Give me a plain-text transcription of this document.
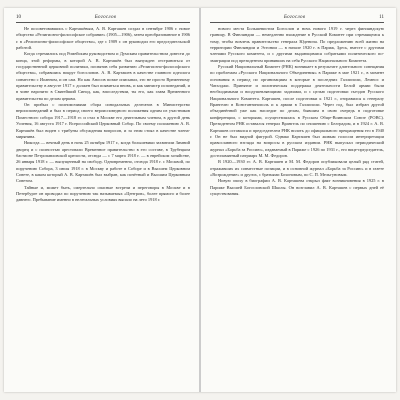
10	Богослов

Не посоветовавшись с Карташёвым, А. В. Карташев создал в сентябре 1906 г. новое общество «Религиозно-философское собрание» (1905—1906), затем преобразованное в 1906 г. в «Религиозно-философское общество», где с 1909 г. он руководил его председательской работой.

Когда стремились под Ромейским руководством и Думским правительством довести до конца, этой реформы, в которой А. В. Карташёв был вынужден отстраниться от государственной церковной политики, посвятив себя развитию «Религиозно-философского общества», собравшись вокруг богословов. А. В. Карташев в качестве главного идеолога совместно с Иоанном, и он сам. Но как Аносов позже описывал, это не просто Временному правительству в августе 1917 г. должен был появиться вновь, и как министр исповеданий, и в чине нарочито в Святейший Синод, как, впоследствии, ты его, как глава Временного правительства по делам церкви.

Он прибыл с полномочиями сбора синодальных делегатов в Министерство вероисповеданий и был в период своего вероисповедного положения одним из участников Поместного собора 1917—1918 гг. и стал в Москве его деятельным членом, в другой день Успения, 16 августа 1917 г. Всероссийский Церковный Собор. По своему положению А. В. Карташёв был виден с трибуны обсуждения вопросов, и за этим стоял в качестве члена-мирянина.

Никогда — вечный день в ночь 25 октября 1917 г., когда большевики захватили Зимний дворец и с полностью арестовали Временное правительство в его составе, в Трубецком бастионе Петропавловской крепости, отсюда — с 7 марта 1918 г. — в еврейском хозяйстве, 26 января 1918 г. — выпущенный на свободу. Одновременно, отсюда 1918 г. с Москвой, по поручению Собора, 3 июля 1918 г. в Москву и работе в Соборе и в Высшем Церковном Совете, в каком который А. В. Карташёв был выбран, как почётный и Высшим Церковным Советом.

Тайные и, может быть, смертельно опасные встречи и переговоры в Москве и в Петербурге он проводил по поручению так называемых «Центров», более прямого и более давнего. Пребывание именно в нелегальных условиях выпало на лето 1918 г.

Богослов	11

нового места Большевистом Богослов и ночь нового 1919 г. через финляндскую границу. В Финляндии — немедленно вхождение в Русский Комитет при стремящемся к тому, чтобы вовлечь правительство генерала Юденича. По предложению всей жизни на территории Финляндии и Эстонии — в начале 1920 г. в Париж, Здесь, вместе с другими членами Русского комитета, и с другими выдающимися собратьями политического по-эмиграции под президентом принявших на себя Русского Национального Комитета.

Русский Национальный Комитет (РНК) возникает в результате длительного совещания по проблемам «Русского Национального Объединения» в Париже в мае 1921 г., в момент основания в период по организациям в которые в последних Галлиполи, Лемнос и Чаталджи. Принятие и политическая поддержка деятельности Белой армии были необходимыми и воодушевляющими задачами, и с целью подготовки съездов Русского Национального Комитета. Карташев, после подготовки к 1921 г., отправился к генералу Врангелю в Константинополь и к армии в Галлиполи. Через год, был избран другой объединённой уже как наследие по делам, бывшим в свою очередь в подготовке конференции, с которыми, осуществлялась в Русском Обще-Воинском Союзе (РОВС). Президентом РНК оставался генерал Врангель по сношению с Белградом, и в 1924 г. А. В. Карташев оставался и председателем РНК вплоть до официального прекращения его в 1940 г. Он не был видной фигурой. Однако Карташев был живым голосом интерпретации православного взгляда на вопросы в русском издании. РНК выпускал периодический журнал «Борьба за Россию», издаваемый в Париже с 1926 по 1931 г., его вице-председатель, достопамятный патриарх М. М. Федоров.

В 1920—1930 гг. А. В. Карташев и М. М. Федоров опубликовали целый ряд статей, отражавших их совместные позиции, и в основной журнал «Борьба за Россию» и в газете «Возрождение» и других, с братьями Бохоновым, по С. П. Мельгуновым.

Новую эпоху в биографии А. В. Карташева открыл факт возникновения в 1925 г. в Париже Высшей Богословской Школы. Он возглавил А. В. Карташев с первых дней её существования.
